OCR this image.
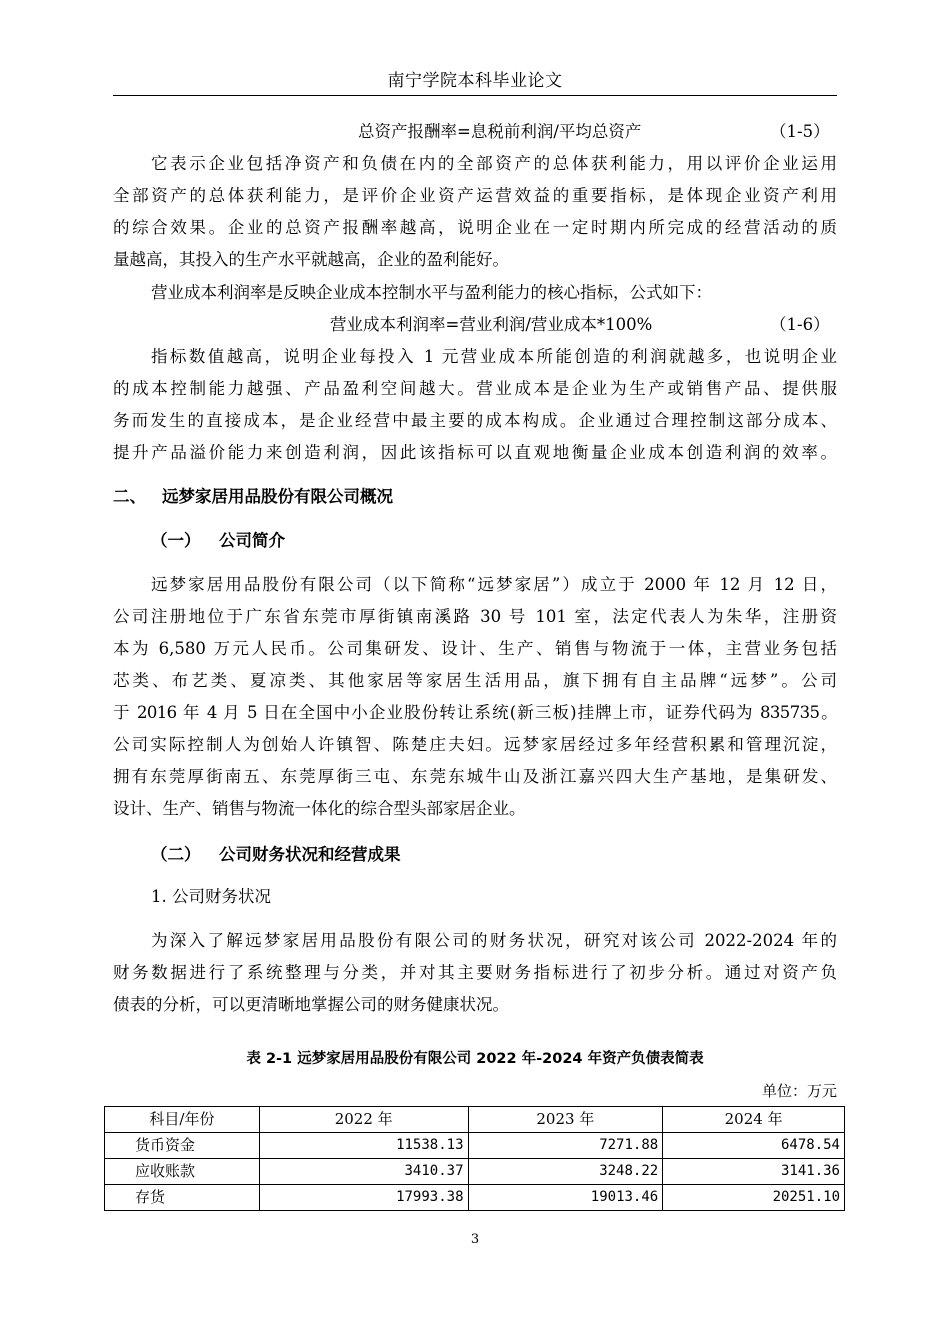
南宁学院本科毕业论文
总资产报酬率=息税前利润/平均总资产	（1-5）
它表示企业包括净资产和负债在内的全部资产的总体获利能力，用以评价企业运用
全部资产的总体获利能力，是评价企业资产运营效益的重要指标，是体现企业资产利用
的综合效果。企业的总资产报酬率越高，说明企业在一定时期内所完成的经营活动的质
量越高，其投入的生产水平就越高，企业的盈利能好。
营业成本利润率是反映企业成本控制水平与盈利能力的核心指标，公式如下：
营业成本利润率=营业利润/营业成本*100%	（1-6）
指标数值越高，说明企业每投入 1 元营业成本所能创造的利润就越多，也说明企业
的成本控制能力越强、产品盈利空间越大。营业成本是企业为生产或销售产品、提供服
务而发生的直接成本，是企业经营中最主要的成本构成。企业通过合理控制这部分成本、
提升产品溢价能力来创造利润，因此该指标可以直观地衡量企业成本创造利润的效率。
二、 远梦家居用品股份有限公司概况
（一） 公司简介
远梦家居用品股份有限公司（以下简称“远梦家居”）成立于 2000 年 12 月 12 日，
公司注册地位于广东省东莞市厚街镇南溪路 30 号 101 室，法定代表人为朱华，注册资
本为 6,580 万元人民币。公司集研发、设计、生产、销售与物流于一体，主营业务包括
芯类、布艺类、夏凉类、其他家居等家居生活用品，旗下拥有自主品牌“远梦”。公司
于 2016 年 4 月 5 日在全国中小企业股份转让系统(新三板)挂牌上市，证券代码为 835735。
公司实际控制人为创始人许镇智、陈楚庄夫妇。远梦家居经过多年经营积累和管理沉淀，
拥有东莞厚街南五、东莞厚街三屯、东莞东城牛山及浙江嘉兴四大生产基地，是集研发、
设计、生产、销售与物流一体化的综合型头部家居企业。
（二） 公司财务状况和经营成果
1. 公司财务状况
为深入了解远梦家居用品股份有限公司的财务状况，研究对该公司 2022-2024 年的
财务数据进行了系统整理与分类，并对其主要财务指标进行了初步分析。通过对资产负
债表的分析，可以更清晰地掌握公司的财务健康状况。
表 2-1 远梦家居用品股份有限公司 2022 年-2024 年资产负债表简表
单位：万元
科目/年份	2022 年	2023 年	2024 年
货币资金	11538.13	7271.88	6478.54
应收账款	3410.37	3248.22	3141.36
存货	17993.38	19013.46	20251.10
3
